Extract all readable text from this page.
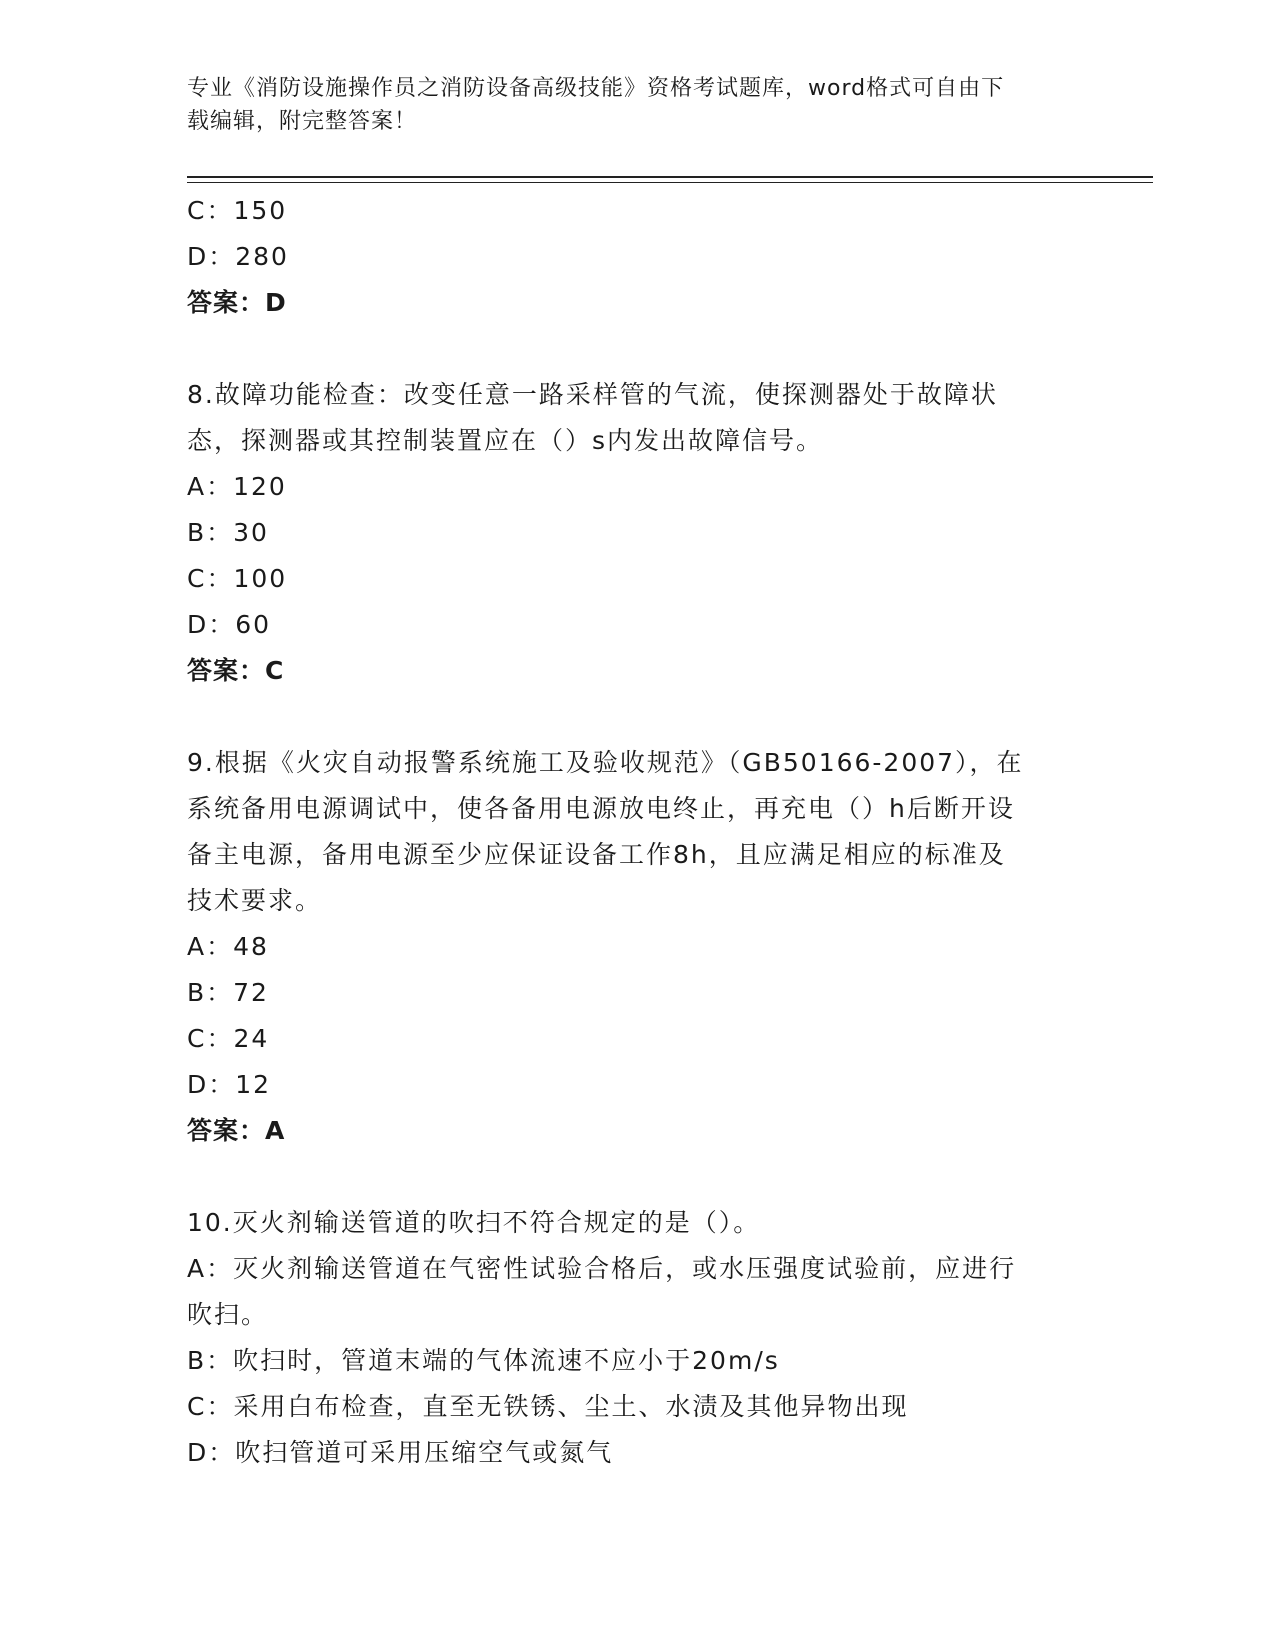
专业《消防设施操作员之消防设备高级技能》资格考试题库，word格式可自由下
载编辑，附完整答案！
C：150
D：280
答案：D
8.故障功能检查：改变任意一路采样管的气流，使探测器处于故障状
态，探测器或其控制装置应在（）s内发出故障信号。
A：120
B：30
C：100
D：60
答案：C
9.根据《火灾自动报警系统施工及验收规范》（GB50166-2007），在
系统备用电源调试中，使各备用电源放电终止，再充电（）h后断开设
备主电源，备用电源至少应保证设备工作8h，且应满足相应的标准及
技术要求。
A：48
B：72
C：24
D：12
答案：A
10.灭火剂输送管道的吹扫不符合规定的是（）。
A：灭火剂输送管道在气密性试验合格后，或水压强度试验前，应进行
吹扫。
B：吹扫时，管道末端的气体流速不应小于20m/s
C：采用白布检查，直至无铁锈、尘土、水渍及其他异物出现
D：吹扫管道可采用压缩空气或氮气
